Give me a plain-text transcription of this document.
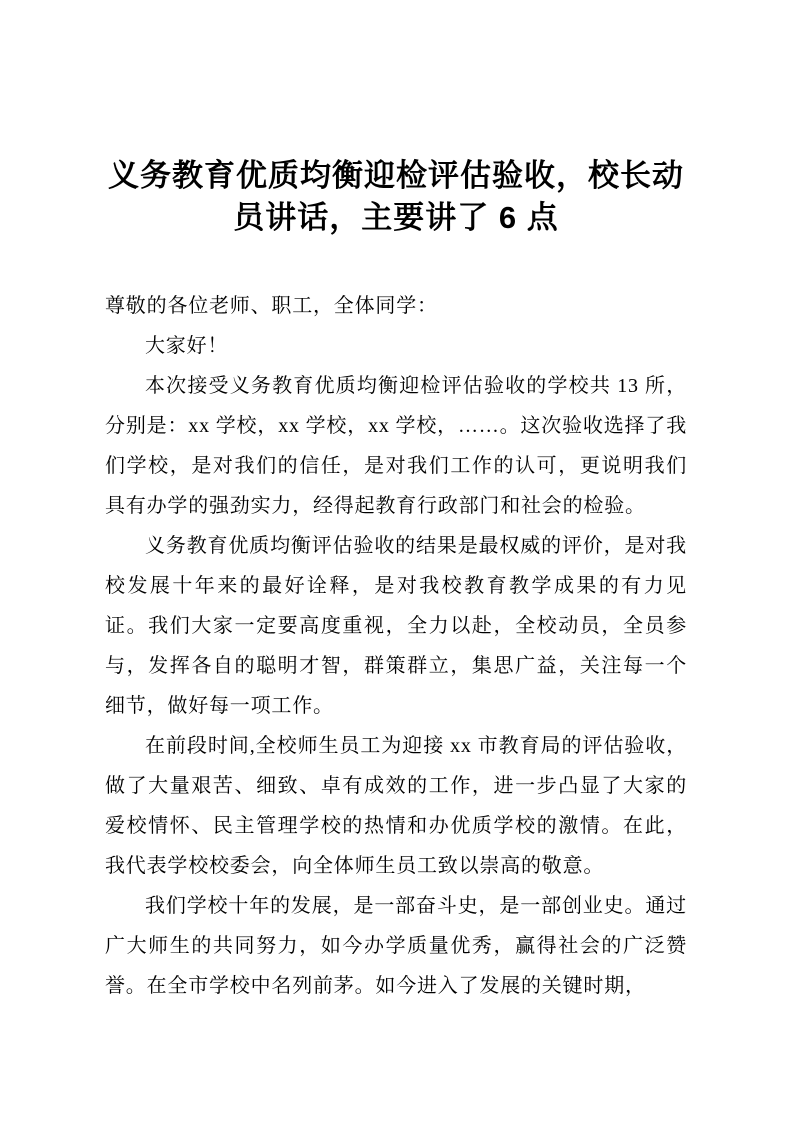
义务教育优质均衡迎检评估验收，校长动员讲话，主要讲了 6 点

尊敬的各位老师、职工，全体同学：

大家好！

本次接受义务教育优质均衡迎检评估验收的学校共 13 所，分别是：xx 学校，xx 学校，xx 学校，……。这次验收选择了我们学校，是对我们的信任，是对我们工作的认可，更说明我们具有办学的强劲实力，经得起教育行政部门和社会的检验。

义务教育优质均衡评估验收的结果是最权威的评价，是对我校发展十年来的最好诠释，是对我校教育教学成果的有力见证。我们大家一定要高度重视，全力以赴，全校动员，全员参与，发挥各自的聪明才智，群策群立，集思广益，关注每一个细节，做好每一项工作。

在前段时间,全校师生员工为迎接 xx 市教育局的评估验收，做了大量艰苦、细致、卓有成效的工作，进一步凸显了大家的爱校情怀、民主管理学校的热情和办优质学校的激情。在此，我代表学校校委会，向全体师生员工致以崇高的敬意。

我们学校十年的发展，是一部奋斗史，是一部创业史。通过广大师生的共同努力，如今办学质量优秀，赢得社会的广泛赞誉。在全市学校中名列前茅。如今进入了发展的关键时期，
